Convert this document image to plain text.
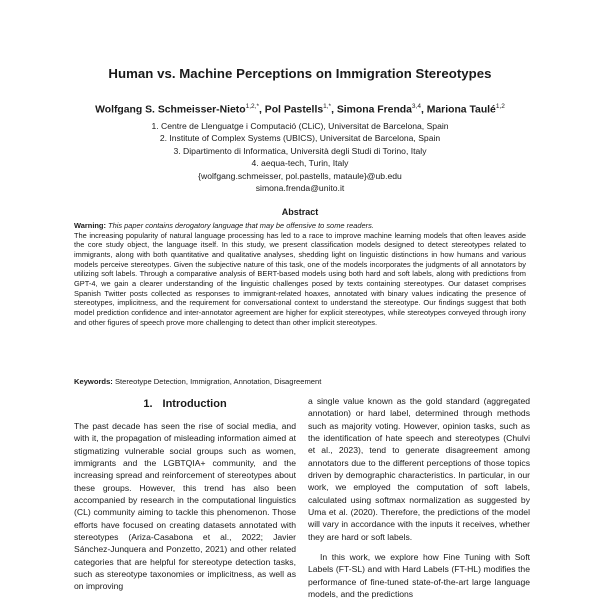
Human vs. Machine Perceptions on Immigration Stereotypes
Wolfgang S. Schmeisser-Nieto$^{1,2,*}$, Pol Pastells$^{1,*}$, Simona Frenda$^{3,4}$, Mariona Taulé$^{1,2}$
1. Centre de Llenguatge i Computació (CLiC), Universitat de Barcelona, Spain
2. Institute of Complex Systems (UBICS), Universitat de Barcelona, Spain
3. Dipartimento di Informatica, Università degli Studi di Torino, Italy
4. aequa-tech, Turin, Italy
{wolfgang.schmeisser, pol.pastells, mataule}@ub.edu
simona.frenda@unito.it
Abstract

Warning: This paper contains derogatory language that may be offensive to some readers.

The increasing popularity of natural language processing has led to a race to improve machine learning models that often leaves aside the core study object, the language itself. In this study, we present classification models designed to detect stereotypes related to immigrants, along with both quantitative and qualitative analyses, shedding light on linguistic distinctions in how humans and various models perceive stereotypes. Given the subjective nature of this task, one of the models incorporates the judgments of all annotators by utilizing soft labels. Through a comparative analysis of BERT-based models using both hard and soft labels, along with predictions from GPT-4, we gain a clearer understanding of the linguistic challenges posed by texts containing stereotypes. Our dataset comprises Spanish Twitter posts collected as responses to immigrant-related hoaxes, annotated with binary values indicating the presence of stereotypes, implicitness, and the requirement for conversational context to understand the stereotype. Our findings suggest that both model prediction confidence and inter-annotator agreement are higher for explicit stereotypes, while stereotypes conveyed through irony and other figures of speech prove more challenging to detect than other implicit stereotypes.

Keywords: Stereotype Detection, Immigration, Annotation, Disagreement
1. Introduction

The past decade has seen the rise of social media, and with it, the propagation of misleading information aimed at stigmatizing vulnerable social groups such as women, immigrants and the LGBTQIA+ community, and the increasing spread and reinforcement of stereotypes about these groups. However, this trend has also been accompanied by research in the computational linguistics (CL) community aiming to tackle this phenomenon. Those efforts have focused on creating datasets annotated with stereotypes (Ariza-Casabona et al., 2022; Javier Sánchez-Junquera and Ponzetto, 2021) and other related categories that are helpful for stereotype detection tasks, such as stereotype taxonomies or implicitness, as well as on improving

a single value known as the gold standard (aggregated annotation) or hard label, determined through methods such as majority voting. However, opinion tasks, such as the identification of hate speech and stereotypes (Chulvi et al., 2023), tend to generate disagreement among annotators due to the different perceptions of those topics driven by demographic characteristics. In particular, in our work, we employed the computation of soft labels, calculated using softmax normalization as suggested by Uma et al. (2020). Therefore, the predictions of the model will vary in accordance with the inputs it receives, whether they are hard or soft labels.

In this work, we explore how Fine Tuning with Soft Labels (FT-SL) and with Hard Labels (FT-HL) modifies the performance of fine-tuned state-of-the-art large language models, and the predictions
